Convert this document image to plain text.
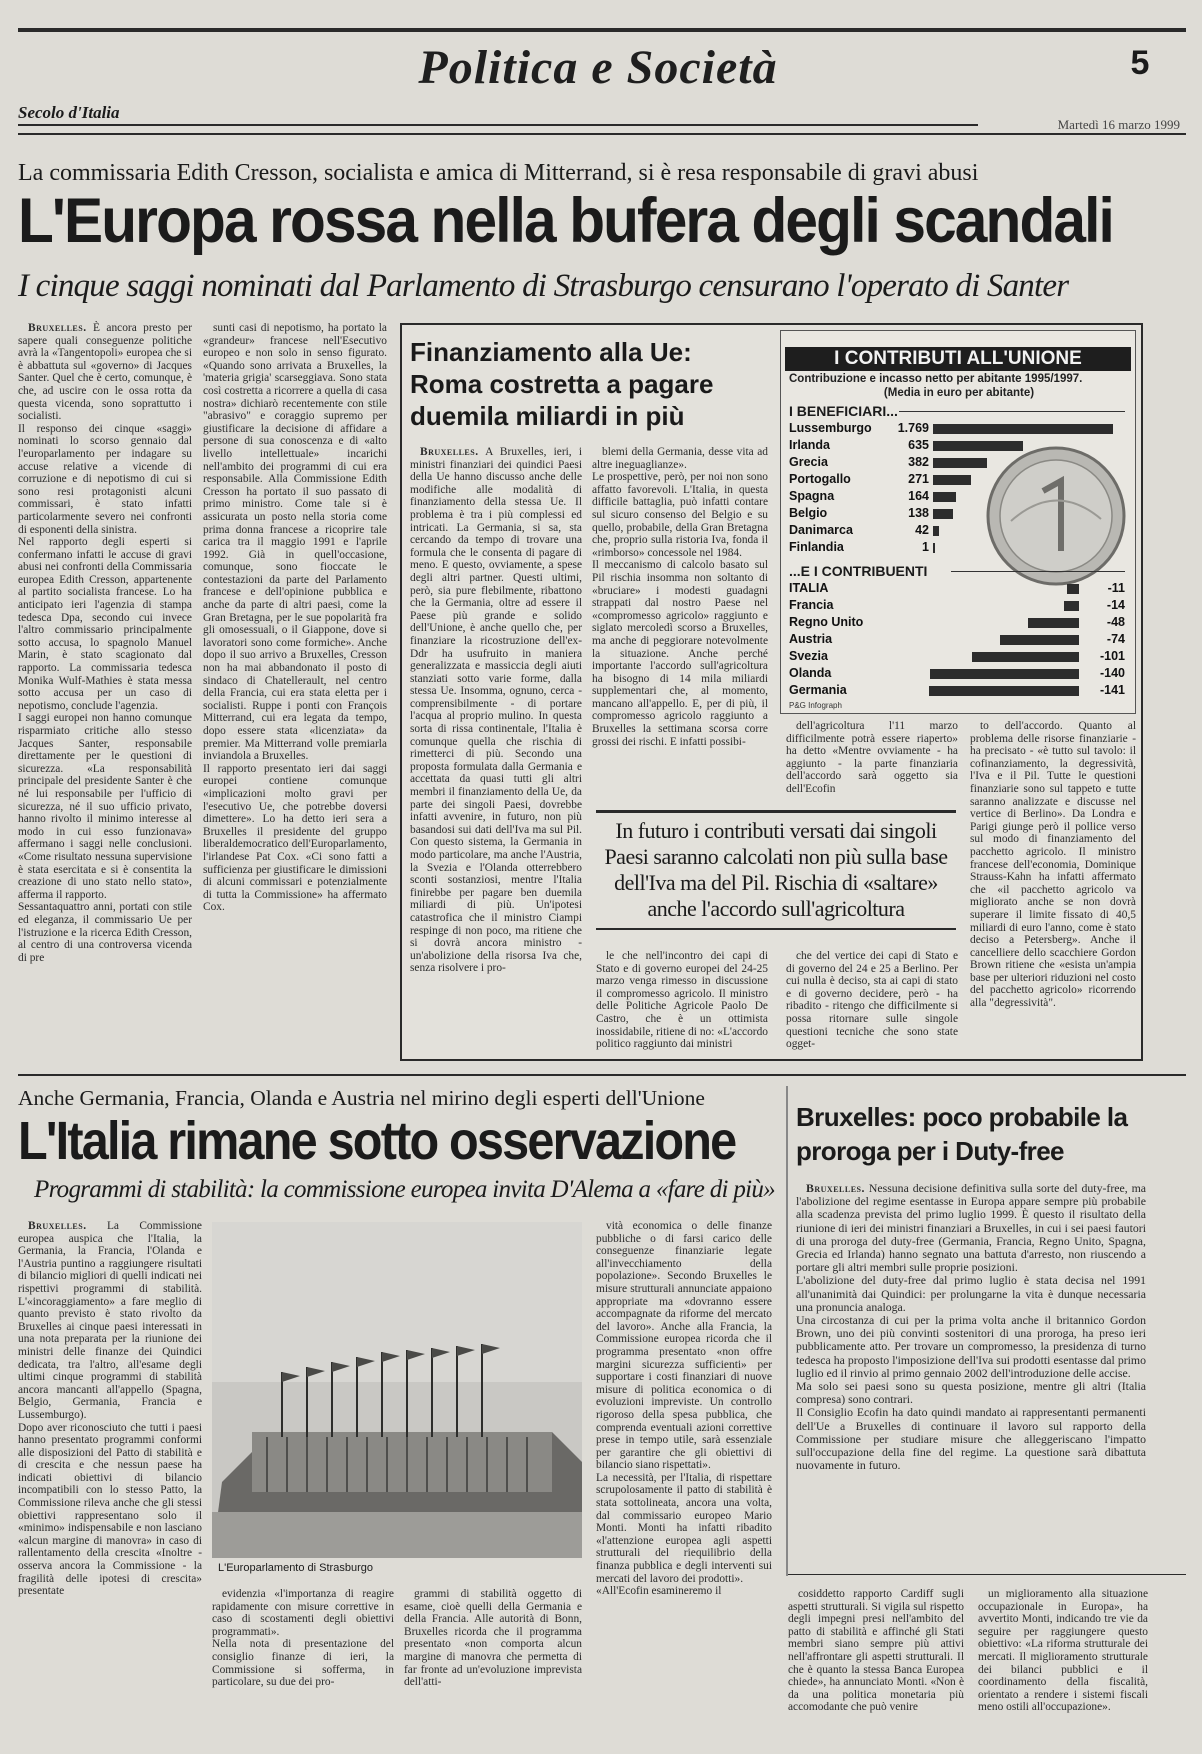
Politica e Società	5
Secolo d'Italia
Martedì 16 marzo 1999
La commissaria Edith Cresson, socialista e amica di Mitterrand, si è resa responsabile di gravi abusi
L'Europa rossa nella bufera degli scandali
I cinque saggi nominati dal Parlamento di Strasburgo censurano l'operato di Santer

Bruxelles. È ancora presto per sapere quali conseguenze politiche avrà la «Tangentopoli» europea che si è abbattuta sul «governo» di Jacques Santer. Quel che è certo, comunque, è che, ad uscire con le ossa rotta da questa vicenda, sono soprattutto i socialisti.
Il responso dei cinque «saggi» nominati lo scorso gennaio dal l'europarlamento per indagare su accuse relative a vicende di corruzione e di nepotismo di cui si sono resi protagonisti alcuni commissari, è stato infatti particolarmente severo nei confronti di esponenti della sinistra.
Nel rapporto degli esperti si confermano infatti le accuse di gravi abusi nei confronti della Commissaria europea Edith Cresson, appartenente al partito socialista francese. Lo ha anticipato ieri l'agenzia di stampa tedesca Dpa, secondo cui invece l'altro commissario principalmente sotto accusa, lo spagnolo Manuel Marin, è stato scagionato dal rapporto. La commissaria tedesca Monika Wulf-Mathies è stata messa sotto accusa per un caso di nepotismo, conclude l'agenzia.
I saggi europei non hanno comunque risparmiato critiche allo stesso Jacques Santer, responsabile direttamente per le questioni di sicurezza. «La responsabilità principale del presidente Santer è che né lui responsabile per l'ufficio di sicurezza, né il suo ufficio privato, hanno rivolto il minimo interesse al modo in cui esso funzionava» affermano i saggi nelle conclusioni. «Come risultato nessuna supervisione è stata esercitata e si è consentita la creazione di uno stato nello stato», afferma il rapporto.
Sessantaquattro anni, portati con stile ed eleganza, il commissario Ue per l'istruzione e la ricerca Edith Cresson, al centro di una controversa vicenda di pre

sunti casi di nepotismo, ha portato la «grandeur» francese nell'Esecutivo europeo e non solo in senso figurato. «Quando sono arrivata a Bruxelles, la 'materia grigia' scarseggiava. Sono stata così costretta a ricorrere a quella di casa nostra» dichiarò recentemente con stile "abrasivo" e coraggio supremo per giustificare la decisione di affidare a persone di sua conoscenza e di «alto livello intellettuale» incarichi nell'ambito dei programmi di cui era responsabile. Alla Commissione Edith Cresson ha portato il suo passato di primo ministro. Come tale si è assicurata un posto nella storia come prima donna francese a ricoprire tale carica tra il maggio 1991 e l'aprile 1992. Già in quell'occasione, comunque, sono fioccate le contestazioni da parte del Parlamento francese e dell'opinione pubblica e anche da parte di altri paesi, come la Gran Bretagna, per le sue popolarità fra gli omosessuali, o il Giappone, dove si lavoratori sono come formiche». Anche dopo il suo arrivo a Bruxelles, Cresson non ha mai abbandonato il posto di sindaco di Chatellerault, nel centro della Francia, cui era stata eletta per i socialisti. Ruppe i ponti con François Mitterrand, cui era legata da tempo, dopo essere stata «licenziata» da premier. Ma Mitterrand volle premiarla inviandola a Bruxelles.
Il rapporto presentato ieri dai saggi europei contiene comunque «implicazioni molto gravi per l'esecutivo Ue, che potrebbe doversi dimettere». Lo ha detto ieri sera a Bruxelles il presidente del gruppo liberaldemocratico dell'Europarlamento, l'irlandese Pat Cox. «Ci sono fatti a sufficienza per giustificare le dimissioni di alcuni commissari e potenzialmente di tutta la Commissione» ha affermato Cox.

Finanziamento alla Ue: Roma costretta a pagare duemila miliardi in più
I CONTRIBUTI ALL'UNIONE
Contribuzione e incasso netto per abitante 1995/1997.
(Media in euro per abitante)
I BENEFICIARI...
Lussemburgo	1.769
Irlanda	635
Grecia	382
Portogallo	271
Spagna	164
Belgio	138
Danimarca	42
Finlandia	1
...E I CONTRIBUENTI
ITALIA	-11
Francia	-14
Regno Unito	-48
Austria	-74
Svezia	-101
Olanda	-140
Germania	-141
P&G Infograph

Bruxelles. A Bruxelles, ieri, i ministri finanziari dei quindici Paesi della Ue hanno discusso anche delle modifiche alle modalità di finanziamento della stessa Ue. Il problema è tra i più complessi ed intricati. La Germania, si sa, sta cercando da tempo di trovare una formula che le consenta di pagare di meno. E questo, ovviamente, a spese degli altri partner. Questi ultimi, però, sia pure flebilmente, ribattono che la Germania, oltre ad essere il Paese più grande e solido dell'Unione, è anche quello che, per finanziare la ricostruzione dell'ex-Ddr ha usufruito in maniera generalizzata e massiccia degli aiuti stanziati sotto varie forme, dalla stessa Ue. Insomma, ognuno, cerca - comprensibilmente - di portare l'acqua al proprio mulino. In questa sorta di rissa continentale, l'Italia è comunque quella che rischia di rimetterci di più. Secondo una proposta formulata dalla Germania e accettata da quasi tutti gli altri membri il finanziamento della Ue, da parte dei singoli Paesi, dovrebbe infatti avvenire, in futuro, non più basandosi sui dati dell'Iva ma sul Pil. Con questo sistema, la Germania in modo particolare, ma anche l'Austria, la Svezia e l'Olanda otterrebbero sconti sostanziosi, mentre l'Italia finirebbe per pagare ben duemila miliardi di più. Un'ipotesi catastrofica che il ministro Ciampi respinge di non poco, ma ritiene che si dovrà ancora ministro - un'abolizione della risorsa Iva che, senza risolvere i pro-

blemi della Germania, desse vita ad altre ineguaglianze».
Le prospettive, però, per noi non sono affatto favorevoli. L'Italia, in questa difficile battaglia, può infatti contare sul sicuro consenso del Belgio e su quello, probabile, della Gran Bretagna che, proprio sulla ristoria Iva, fonda il «rimborso» concessole nel 1984.
Il meccanismo di calcolo basato sul Pil rischia insomma non soltanto di «bruciare» i modesti guadagni strappati dal nostro Paese nel «compromesso agricolo» raggiunto e siglato mercoledì scorso a Bruxelles, ma anche di peggiorare notevolmente la situazione. Anche perché importante l'accordo sull'agricoltura ha bisogno di 14 mila miliardi supplementari che, al momento, mancano all'appello. E, per di più, il compromesso agricolo raggiunto a Bruxelles la settimana scorsa corre grossi dei rischi. E infatti possibi-

dell'agricoltura l'11 marzo difficilmente potrà essere riaperto» ha detto «Mentre ovviamente - ha aggiunto - la parte finanziaria dell'accordo sarà oggetto sia dell'Ecofin

to dell'accordo. Quanto al problema delle risorse finanziarie - ha precisato - «è tutto sul tavolo: il cofinanziamento, la degressività, l'Iva e il Pil. Tutte le questioni finanziarie sono sul tappeto e tutte saranno analizzate e discusse nel vertice di Berlino». Da Londra e Parigi giunge però il pollice verso sul modo di finanziamento del pacchetto agricolo. Il ministro francese dell'economia, Dominique Strauss-Kahn ha infatti affermato che «il pacchetto agricolo va migliorato anche se non dovrà superare il limite fissato di 40,5 miliardi di euro l'anno, come è stato deciso a Petersberg». Anche il cancelliere dello scacchiere Gordon Brown ritiene che «esista un'ampia base per ulteriori riduzioni nel costo del pacchetto agricolo» ricorrendo alla "degressività".

In futuro i contributi versati dai singoli Paesi saranno calcolati non più sulla base dell'Iva ma del Pil. Rischia di «saltare» anche l'accordo sull'agricoltura

le che nell'incontro dei capi di Stato e di governo europei del 24-25 marzo venga rimesso in discussione il compromesso agricolo. Il ministro delle Politiche Agricole Paolo De Castro, che è un ottimista inossidabile, ritiene di no: «L'accordo politico raggiunto dai ministri

che del vertice dei capi di Stato e di governo del 24 e 25 a Berlino. Per cui nulla è deciso, sta ai capi di stato e di governo decidere, però - ha ribadito - ritengo che difficilmente si possa ritornare sulle singole questioni tecniche che sono state ogget-

Anche Germania, Francia, Olanda e Austria nel mirino degli esperti dell'Unione
L'Italia rimane sotto osservazione
Programmi di stabilità: la commissione europea invita D'Alema a «fare di più»

Bruxelles. La Commissione europea auspica che l'Italia, la Germania, la Francia, l'Olanda e l'Austria puntino a raggiungere risultati di bilancio migliori di quelli indicati nei rispettivi programmi di stabilità. L'«incoraggiamento» a fare meglio di quanto previsto è stato rivolto da Bruxelles ai cinque paesi interessati in una nota preparata per la riunione dei ministri delle finanze dei Quindici dedicata, tra l'altro, all'esame degli ultimi cinque programmi di stabilità ancora mancanti all'appello (Spagna, Belgio, Germania, Francia e Lussemburgo).
Dopo aver riconosciuto che tutti i paesi hanno presentato programmi conformi alle disposizioni del Patto di stabilità e di crescita e che nessun paese ha indicati obiettivi di bilancio incompatibili con lo stesso Patto, la Commissione rileva anche che gli stessi obiettivi rappresentano solo il «minimo» indispensabile e non lasciano «alcun margine di manovra» in caso di rallentamento della crescita «Inoltre - osserva ancora la Commissione - la fragilità delle ipotesi di crescita» presentate

L'Europarlamento di Strasburgo

evidenzia «l'importanza di reagire rapidamente con misure correttive in caso di scostamenti degli obiettivi programmati».
Nella nota di presentazione del consiglio finanze di ieri, la Commissione si sofferma, in particolare, su due dei pro-

grammi di stabilità oggetto di esame, cioè quelli della Germania e della Francia. Alle autorità di Bonn, Bruxelles ricorda che il programma presentato «non comporta alcun margine di manovra che permetta di far fronte ad un'evoluzione imprevista dell'atti-

vità economica o delle finanze pubbliche o di farsi carico delle conseguenze finanziarie legate all'invecchiamento della popolazione». Secondo Bruxelles le misure strutturali annunciate appaiono appropriate ma «dovranno essere accompagnate da riforme del mercato del lavoro». Anche alla Francia, la Commissione europea ricorda che il programma presentato «non offre margini sicurezza sufficienti» per supportare i costi finanziari di nuove misure di politica economica o di evoluzioni impreviste. Un controllo rigoroso della spesa pubblica, che comprenda eventuali azioni correttive prese in tempo utile, sarà essenziale per garantire che gli obiettivi di bilancio siano rispettati».
La necessità, per l'Italia, di rispettare scrupolosamente il patto di stabilità è stata sottolineata, ancora una volta, dal commissario europeo Mario Monti. Monti ha infatti ribadito «l'attenzione europea agli aspetti strutturali del riequilibrio della finanza pubblica e degli interventi sui mercati del lavoro dei prodotti».
«All'Ecofin esamineremo il	cosiddetto rapporto Cardiff sugli aspetti strutturali. Si vigila sul rispetto degli impegni presi nell'ambito del patto di stabilità e affinché gli Stati membri siano sempre più attivi nell'affrontare gli aspetti strutturali. Il che è quanto la stessa Banca Europea chiede», ha annunciato Monti. «Non è da una politica monetaria più accomodante che può venire

un miglioramento alla situazione occupazionale in Europa», ha avvertito Monti, indicando tre vie da seguire per raggiungere questo obiettivo: «La riforma strutturale dei mercati. Il miglioramento strutturale dei bilanci pubblici e il coordinamento della fiscalità, orientato a rendere i sistemi fiscali meno ostili all'occupazione».

Bruxelles: poco probabile la proroga per i Duty-free

Bruxelles. Nessuna decisione definitiva sulla sorte del duty-free, ma l'abolizione del regime esentasse in Europa appare sempre più probabile alla scadenza prevista del primo luglio 1999. È questo il risultato della riunione di ieri dei ministri finanziari a Bruxelles, in cui i sei paesi fautori di una proroga del duty-free (Germania, Francia, Regno Unito, Spagna, Grecia ed Irlanda) hanno segnato una battuta d'arresto, non riuscendo a portare gli altri membri sulle proprie posizioni.
L'abolizione del duty-free dal primo luglio è stata decisa nel 1991 all'unanimità dai Quindici: per prolungarne la vita è dunque necessaria una pronuncia analoga.
Una circostanza di cui per la prima volta anche il britannico Gordon Brown, uno dei più convinti sostenitori di una proroga, ha preso ieri pubblicamente atto. Per trovare un compromesso, la presidenza di turno tedesca ha proposto l'imposizione dell'Iva sui prodotti esentasse dal primo luglio ed il rinvio al primo gennaio 2002 dell'introduzione delle accise.
Ma solo sei paesi sono su questa posizione, mentre gli altri (Italia compresa) sono contrari.
Il Consiglio Ecofin ha dato quindi mandato ai rappresentanti permanenti dell'Ue a Bruxelles di continuare il lavoro sul rapporto della Commissione per studiare misure che alleggeriscano l'impatto sull'occupazione della fine del regime. La questione sarà dibattuta nuovamente in futuro.
